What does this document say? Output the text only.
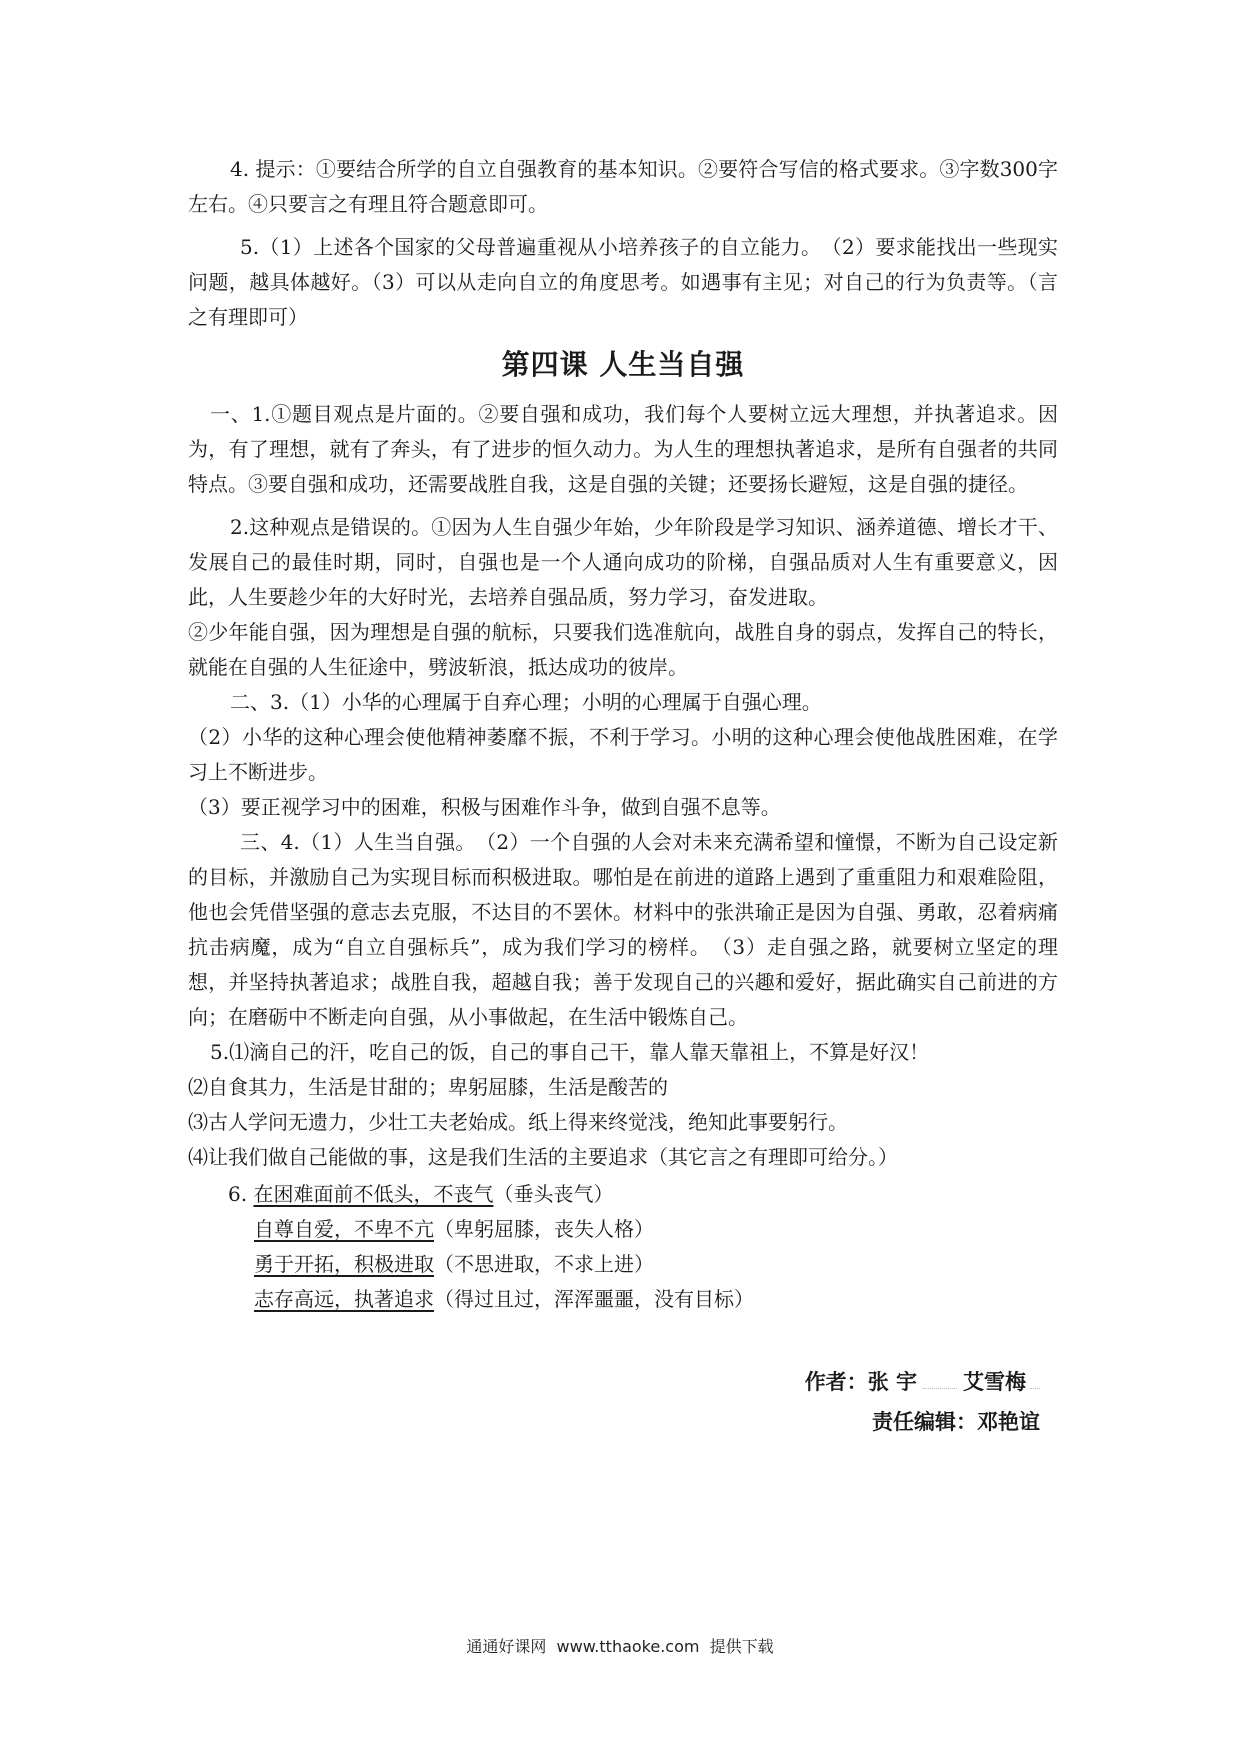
4. 提示：①要结合所学的自立自强教育的基本知识。②要符合写信的格式要求。③字数300字左右。④只要言之有理且符合题意即可。

5.（1）上述各个国家的父母普遍重视从小培养孩子的自立能力。　（2）要求能找出一些现实问题，越具体越好。（3）可以从走向自立的角度思考。如遇事有主见；对自己的行为负责等。（言之有理即可）

第四课 人生当自强

一、1.①题目观点是片面的。②要自强和成功，我们每个人要树立远大理想，并执著追求。因为，有了理想，就有了奔头，有了进步的恒久动力。为人生的理想执著追求，是所有自强者的共同特点。③要自强和成功，还需要战胜自我，这是自强的关键；还要扬长避短，这是自强的捷径。

2.这种观点是错误的。①因为人生自强少年始，少年阶段是学习知识、涵养道德、增长才干、发展自己的最佳时期，同时，自强也是一个人通向成功的阶梯，自强品质对人生有重要意义，因此，人生要趁少年的大好时光，去培养自强品质，努力学习，奋发进取。

②少年能自强，因为理想是自强的航标，只要我们选准航向，战胜自身的弱点，发挥自己的特长，就能在自强的人生征途中，劈波斩浪，抵达成功的彼岸。

二、3.（1）小华的心理属于自弃心理；小明的心理属于自强心理。

（2）小华的这种心理会使他精神萎靡不振，不利于学习。小明的这种心理会使他战胜困难，在学习上不断进步。

（3）要正视学习中的困难，积极与困难作斗争，做到自强不息等。

三、4.（1）人生当自强。　（2）一个自强的人会对未来充满希望和憧憬，不断为自己设定新的目标，并激励自己为实现目标而积极进取。哪怕是在前进的道路上遇到了重重阻力和艰难险阻，他也会凭借坚强的意志去克服，不达目的不罢休。材料中的张洪瑜正是因为自强、勇敢，忍着病痛抗击病魔，成为“自立自强标兵”，成为我们学习的榜样。　（3）走自强之路，就要树立坚定的理想，并坚持执著追求；战胜自我，超越自我；善于发现自己的兴趣和爱好，据此确实自己前进的方向；在磨砺中不断走向自强，从小事做起，在生活中锻炼自己。

5.⑴滴自己的汗，吃自己的饭，自己的事自己干，靠人靠天靠祖上，不算是好汉！

⑵自食其力，生活是甘甜的；卑躬屈膝，生活是酸苦的

⑶古人学问无遗力，少壮工夫老始成。纸上得来终觉浅，绝知此事要躬行。

⑷让我们做自己能做的事，这是我们生活的主要追求（其它言之有理即可给分。）

6. 在困难面前不低头，不丧气（垂头丧气）
自尊自爱，不卑不亢（卑躬屈膝，丧失人格）
勇于开拓，积极进取（不思进取，不求上进）
志存高远，执著追求（得过且过，浑浑噩噩，没有目标）
作者：张 宇 艾雪梅
责任编辑：邓艳谊
通通好课网 www.tthaoke.com 提供下载
